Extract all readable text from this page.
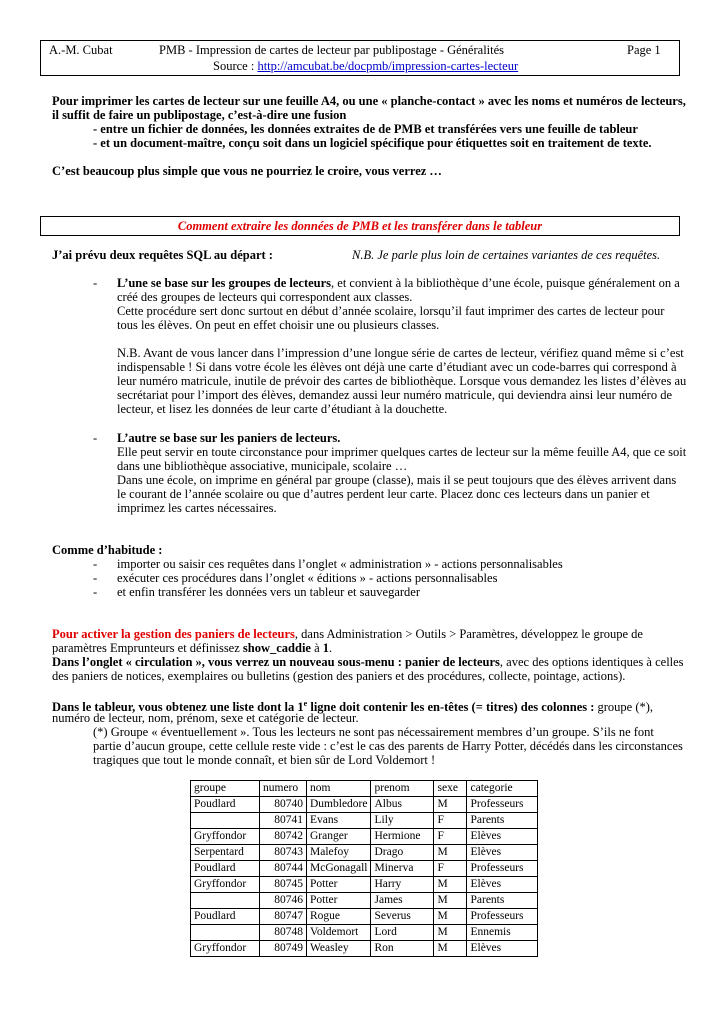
A.-M. Cubat	PMB - Impression de cartes de lecteur par publipostage - Généralités	Page 1
Source : http://amcubat.be/docpmb/impression-cartes-lecteur
Pour imprimer les cartes de lecteur sur une feuille A4, ou une « planche-contact » avec les noms et numéros de lecteurs,
il suffit de faire un publipostage, c’est-à-dire une fusion
- entre un fichier de données, les données extraites de de PMB et transférées vers une feuille de tableur
- et un document-maître, conçu soit dans un logiciel spécifique pour étiquettes soit en traitement de texte.
C’est beaucoup plus simple que vous ne pourriez le croire, vous verrez …
Comment extraire les données de PMB et les transférer dans le tableur
J’ai prévu deux requêtes SQL au départ :	N.B. Je parle plus loin de certaines variantes de ces requêtes.
- L’une se base sur les groupes de lecteurs, et convient à la bibliothèque d’une école, puisque généralement on a
créé des groupes de lecteurs qui correspondent aux classes.
Cette procédure sert donc surtout en début d’année scolaire, lorsqu’il faut imprimer des cartes de lecteur pour
tous les élèves. On peut en effet choisir une ou plusieurs classes.
N.B. Avant de vous lancer dans l’impression d’une longue série de cartes de lecteur, vérifiez quand même si c’est
indispensable ! Si dans votre école les élèves ont déjà une carte d’étudiant avec un code-barres qui correspond à
leur numéro matricule, inutile de prévoir des cartes de bibliothèque. Lorsque vous demandez les listes d’élèves au
secrétariat pour l’import des élèves, demandez aussi leur numéro matricule, qui deviendra ainsi leur numéro de
lecteur, et lisez les données de leur carte d’étudiant à la douchette.
- L’autre se base sur les paniers de lecteurs.
Elle peut servir en toute circonstance pour imprimer quelques cartes de lecteur sur la même feuille A4, que ce soit
dans une bibliothèque associative, municipale, scolaire …
Dans une école, on imprime en général par groupe (classe), mais il se peut toujours que des élèves arrivent dans
le courant de l’année scolaire ou que d’autres perdent leur carte. Placez donc ces lecteurs dans un panier et
imprimez les cartes nécessaires.
Comme d’habitude :
- importer ou saisir ces requêtes dans l’onglet « administration » - actions personnalisables
- exécuter ces procédures dans l’onglet « éditions » - actions personnalisables
- et enfin transférer les données vers un tableur et sauvegarder
Pour activer la gestion des paniers de lecteurs, dans Administration > Outils > Paramètres, développez le groupe de
paramètres Emprunteurs et définissez show_caddie à 1.
Dans l’onglet « circulation », vous verrez un nouveau sous-menu : panier de lecteurs, avec des options identiques à celles
des paniers de notices, exemplaires ou bulletins (gestion des paniers et des procédures, collecte, pointage, actions).
Dans le tableur, vous obtenez une liste dont la 1e ligne doit contenir les en-têtes (= titres) des colonnes : groupe (*),
numéro de lecteur, nom, prénom, sexe et catégorie de lecteur.
(*) Groupe « éventuellement ». Tous les lecteurs ne sont pas nécessairement membres d’un groupe. S’ils ne font
partie d’aucun groupe, cette cellule reste vide : c’est le cas des parents de Harry Potter, décédés dans les circonstances
tragiques que tout le monde connaît, et bien sûr de Lord Voldemort !
groupe	numero	nom	prenom	sexe	categorie
Poudlard	80740	Dumbledore	Albus	M	Professeurs
	80741	Evans	Lily	F	Parents
Gryffondor	80742	Granger	Hermione	F	Elèves
Serpentard	80743	Malefoy	Drago	M	Elèves
Poudlard	80744	McGonagall	Minerva	F	Professeurs
Gryffondor	80745	Potter	Harry	M	Elèves
	80746	Potter	James	M	Parents
Poudlard	80747	Rogue	Severus	M	Professeurs
	80748	Voldemort	Lord	M	Ennemis
Gryffondor	80749	Weasley	Ron	M	Elèves
